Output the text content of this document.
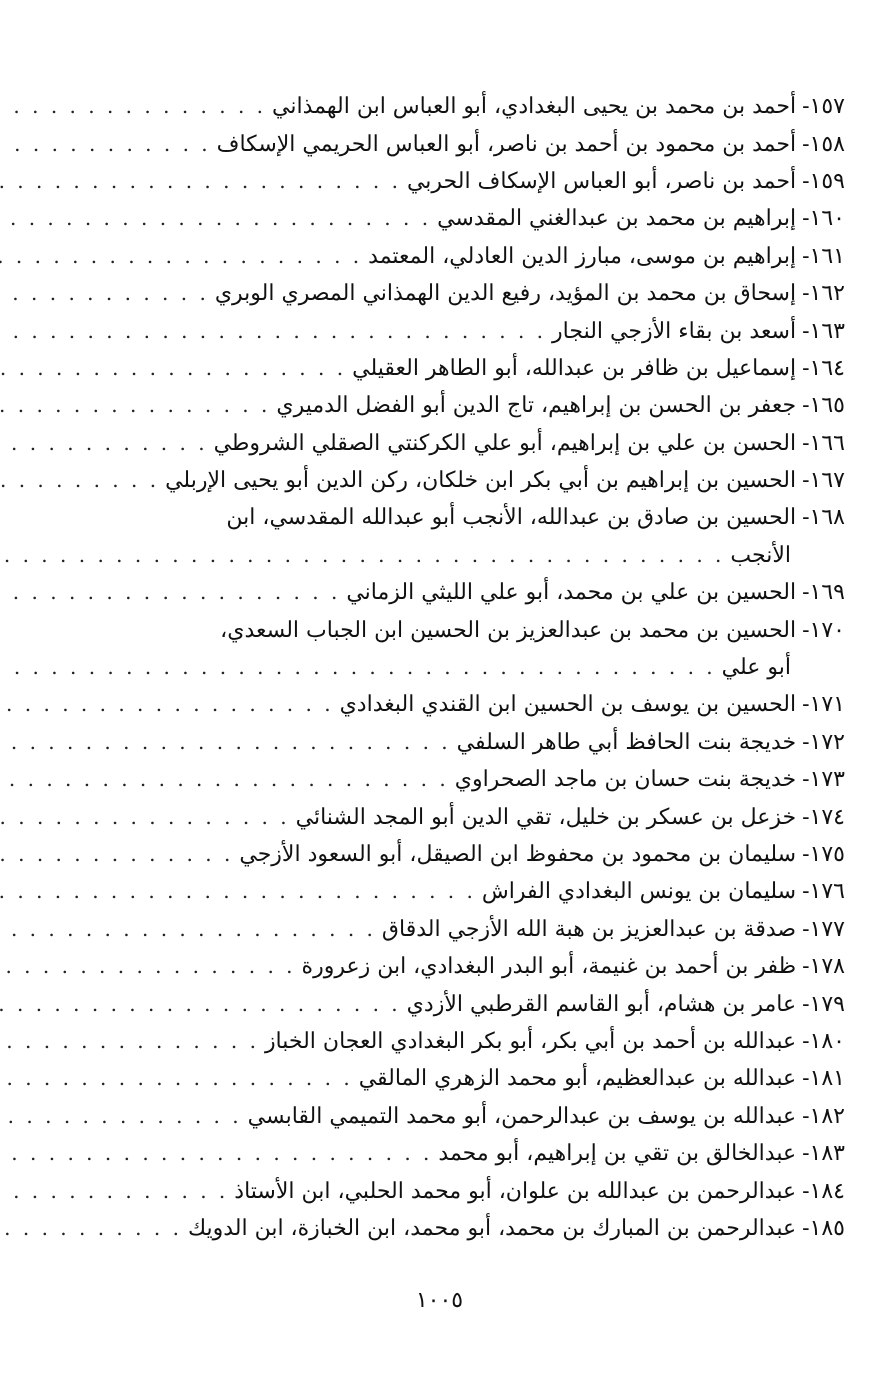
١٥٧-
أحمد بن محمد بن يحيى البغدادي، أبو العباس ابن الهمذاني
. . .
١٥٨-
أحمد بن محمود بن أحمد بن ناصر، أبو العباس الحريمي الإسكاف
. . .
١٥٩-
أحمد بن ناصر، أبو العباس الإسكاف الحربي
. . .
١٦٠-
إبراهيم بن محمد بن عبدالغني المقدسي
. . .
١٦١-
إبراهيم بن موسى، مبارز الدين العادلي، المعتمد
. . .
١٦٢-
إسحاق بن محمد بن المؤيد، رفيع الدين الهمذاني المصري الوبري
. . .
١٦٣-
أسعد بن بقاء الأزجي النجار
. . .
١٦٤-
إسماعيل بن ظافر بن عبدالله، أبو الطاهر العقيلي
. . .
١٦٥-
جعفر بن الحسن بن إبراهيم، تاج الدين أبو الفضل الدميري
. . .
١٦٦-
الحسن بن علي بن إبراهيم، أبو علي الكركنتي الصقلي الشروطي
. . .
١٦٧-
الحسين بن إبراهيم بن أبي بكر ابن خلكان، ركن الدين أبو يحيى الإربلي
. . .
١٦٨-
الحسين بن صادق بن عبدالله، الأنجب أبو عبدالله المقدسي، ابن
الأنجب
. . .
١٦٩-
الحسين بن علي بن محمد، أبو علي الليثي الزماني
. . .
١٧٠-
الحسين بن محمد بن عبدالعزيز بن الحسين ابن الجباب السعدي،
أبو علي
. . .
١٧١-
الحسين بن يوسف بن الحسين ابن القندي البغدادي
. . .
١٧٢-
خديجة بنت الحافظ أبي طاهر السلفي
. . .
١٧٣-
خديجة بنت حسان بن ماجد الصحراوي
. . .
١٧٤-
خزعل بن عسكر بن خليل، تقي الدين أبو المجد الشنائي
. . .
١٧٥-
سليمان بن محمود بن محفوظ ابن الصيقل، أبو السعود الأزجي
. . .
١٧٦-
سليمان بن يونس البغدادي الفراش
. . .
١٧٧-
صدقة بن عبدالعزيز بن هبة الله الأزجي الدقاق
. . .
١٧٨-
ظفر بن أحمد بن غنيمة، أبو البدر البغدادي، ابن زعرورة
. . .
١٧٩-
عامر بن هشام، أبو القاسم القرطبي الأزدي
. . .
١٨٠-
عبدالله بن أحمد بن أبي بكر، أبو بكر البغدادي العجان الخباز
. . .
١٨١-
عبدالله بن عبدالعظيم، أبو محمد الزهري المالقي
. . .
١٨٢-
عبدالله بن يوسف بن عبدالرحمن، أبو محمد التميمي القابسي
. . .
١٨٣-
عبدالخالق بن تقي بن إبراهيم، أبو محمد
. . .
١٨٤-
عبدالرحمن بن عبدالله بن علوان، أبو محمد الحلبي، ابن الأستاذ
. . .
١٨٥-
عبدالرحمن بن المبارك بن محمد، أبو محمد، ابن الخبازة، ابن الدويك
. . .
١٠٠٥
